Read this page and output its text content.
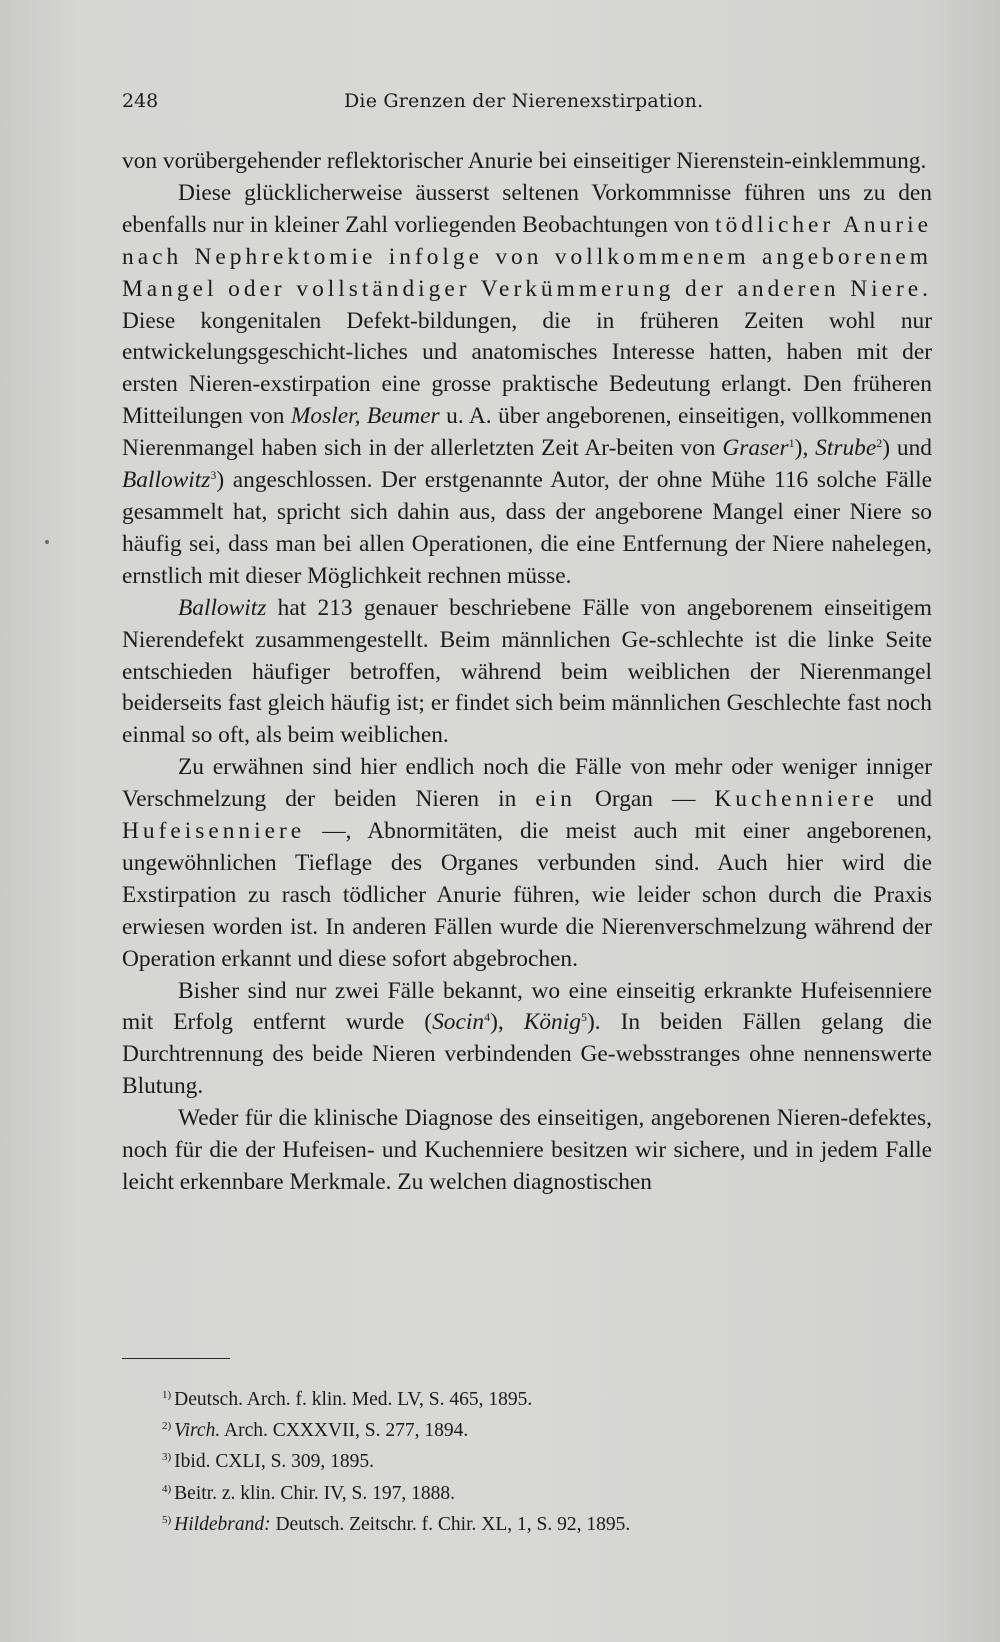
248	Die Grenzen der Nierenexstirpation.

von vorübergehender reflektorischer Anurie bei einseitiger Nierenstein-einklemmung.

Diese glücklicherweise äusserst seltenen Vorkommnisse führen uns zu den ebenfalls nur in kleiner Zahl vorliegenden Beobachtungen von tödlicher Anurie nach Nephrektomie infolge von vollkommenem angeborenem Mangel oder vollständiger Verkümmerung der anderen Niere. Diese kongenitalen Defekt-bildungen, die in früheren Zeiten wohl nur entwickelungsgeschicht-liches und anatomisches Interesse hatten, haben mit der ersten Nieren-exstirpation eine grosse praktische Bedeutung erlangt. Den früheren Mitteilungen von Mosler, Beumer u. A. über angeborenen, einseitigen, vollkommenen Nierenmangel haben sich in der allerletzten Zeit Ar-beiten von Graser$^1$), Strube$^2$) und Ballowitz$^3$) angeschlossen. Der erstgenannte Autor, der ohne Mühe 116 solche Fälle gesammelt hat, spricht sich dahin aus, dass der angeborene Mangel einer Niere so häufig sei, dass man bei allen Operationen, die eine Entfernung der Niere nahelegen, ernstlich mit dieser Möglichkeit rechnen müsse.

Ballowitz hat 213 genauer beschriebene Fälle von angeborenem einseitigem Nierendefekt zusammengestellt. Beim männlichen Ge-schlechte ist die linke Seite entschieden häufiger betroffen, während beim weiblichen der Nierenmangel beiderseits fast gleich häufig ist; er findet sich beim männlichen Geschlechte fast noch einmal so oft, als beim weiblichen.

Zu erwähnen sind hier endlich noch die Fälle von mehr oder weniger inniger Verschmelzung der beiden Nieren in ein Organ — Kuchenniere und Hufeisenniere —, Abnormitäten, die meist auch mit einer angeborenen, ungewöhnlichen Tieflage des Organes verbunden sind. Auch hier wird die Exstirpation zu rasch tödlicher Anurie führen, wie leider schon durch die Praxis erwiesen worden ist. In anderen Fällen wurde die Nierenverschmelzung während der Operation erkannt und diese sofort abgebrochen.

Bisher sind nur zwei Fälle bekannt, wo eine einseitig erkrankte Hufeisenniere mit Erfolg entfernt wurde (Socin$^4$), König$^5$). In beiden Fällen gelang die Durchtrennung des beide Nieren verbindenden Ge-websstranges ohne nennenswerte Blutung.

Weder für die klinische Diagnose des einseitigen, angeborenen Nieren-defektes, noch für die der Hufeisen- und Kuchenniere besitzen wir sichere, und in jedem Falle leicht erkennbare Merkmale. Zu welchen diagnostischen

$^{1)}$ Deutsch. Arch. f. klin. Med. LV, S. 465, 1895.
$^{2)}$ Virch. Arch. CXXXVII, S. 277, 1894.
$^{3)}$ Ibid. CXLI, S. 309, 1895.
$^{4)}$ Beitr. z. klin. Chir. IV, S. 197, 1888.
$^{5)}$ Hildebrand: Deutsch. Zeitschr. f. Chir. XL, 1, S. 92, 1895.
